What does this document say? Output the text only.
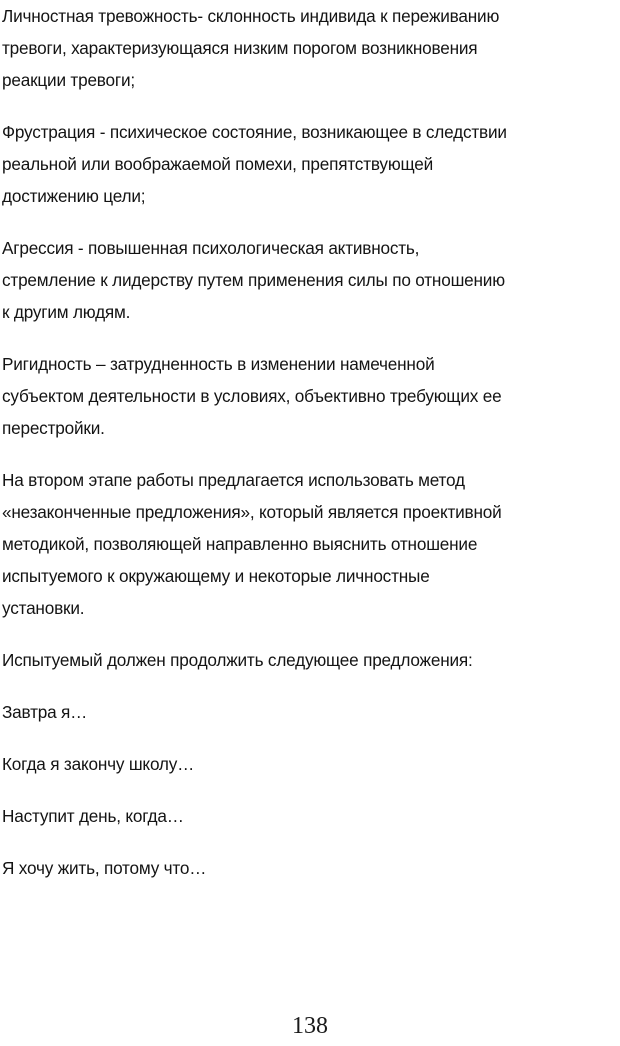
Личностная тревожность- склонность индивида к переживанию
тревоги, характеризующаяся низким порогом возникновения
реакции тревоги;

Фрустрация - психическое состояние, возникающее в следствии
реальной или воображаемой помехи, препятствующей
достижению цели;

Агрессия - повышенная психологическая активность,
стремление к лидерству путем применения силы по отношению
к другим людям.

Ригидность – затрудненность в изменении намеченной
субъектом деятельности в условиях, объективно требующих ее
перестройки.

На втором этапе работы предлагается использовать метод
«незаконченные предложения», который является проективной
методикой, позволяющей направленно выяснить отношение
испытуемого к окружающему и некоторые личностные
установки.

Испытуемый должен продолжить следующее предложения:

Завтра я…

Когда я закончу школу…

Наступит день, когда…

Я хочу жить, потому что…

138
